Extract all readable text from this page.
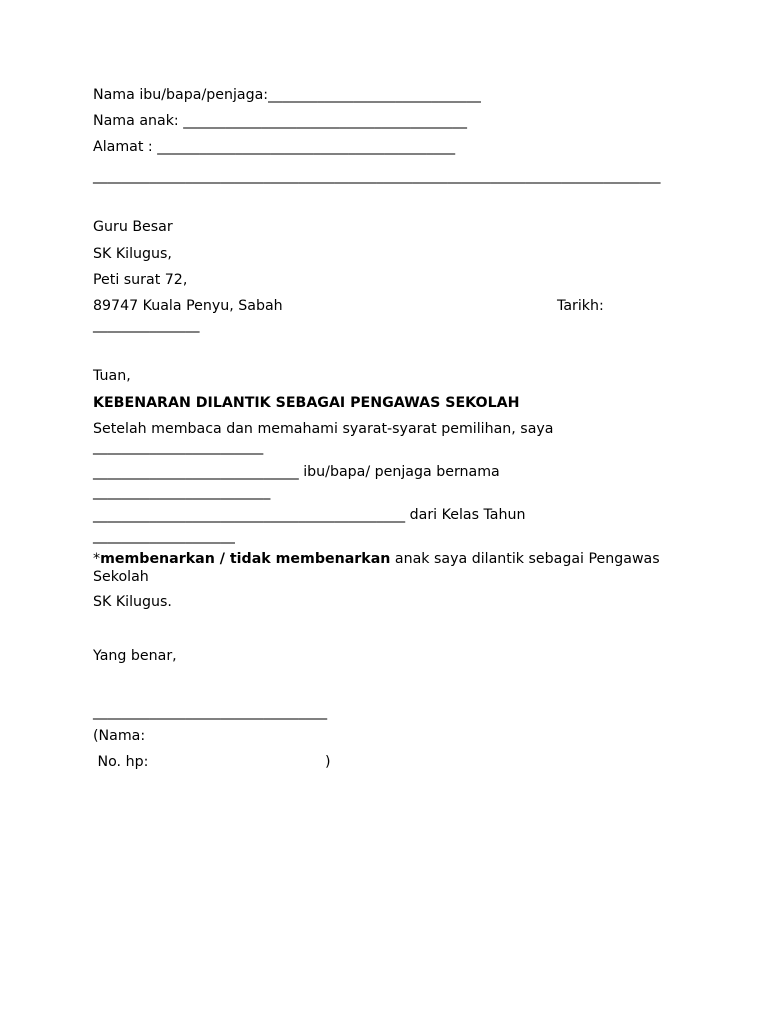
Nama ibu/bapa/penjaga:______________________________
Nama anak: ________________________________________
Alamat : __________________________________________
________________________________________________________________________________
Guru Besar
SK Kilugus,
Peti surat 72,
89747 Kuala Penyu, Sabah	Tarikh:
_______________
Tuan,
KEBENARAN DILANTIK SEBAGAI PENGAWAS SEKOLAH
Setelah membaca dan memahami syarat-syarat pemilihan, saya
________________________
_____________________________ ibu/bapa/ penjaga bernama
_________________________
____________________________________________ dari Kelas Tahun
____________________
*membenarkan / tidak membenarkan anak saya dilantik sebagai Pengawas Sekolah
SK Kilugus.
Yang benar,
_________________________________
(Nama:
No. hp:	)
